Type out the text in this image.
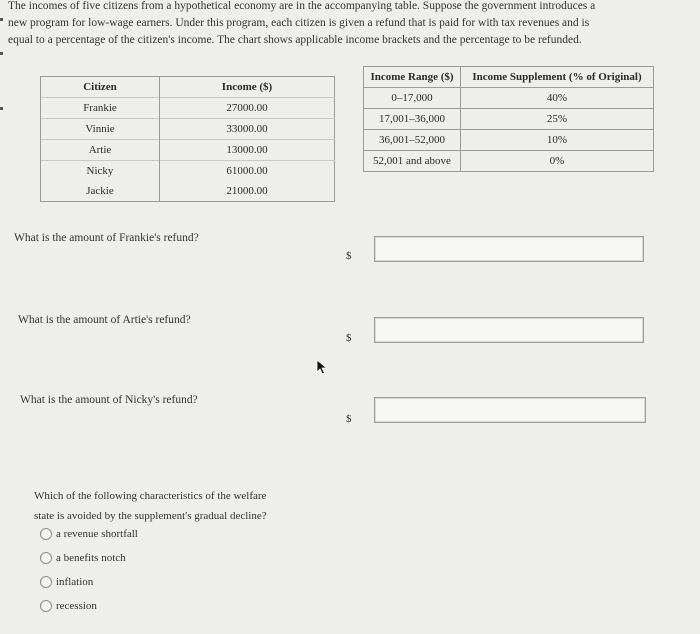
The incomes of five citizens from a hypothetical economy are in the accompanying table. Suppose the government introduces a

new program for low-wage earners. Under this program, each citizen is given a refund that is paid for with tax revenues and is

equal to a percentage of the citizen's income. The chart shows applicable income brackets and the percentage to be refunded.

Citizen	Income ($)
Frankie	27000.00
Vinnie	33000.00
Artie	13000.00
Nicky	61000.00
Jackie	21000.00
Income Range ($)	Income Supplement (% of Original)
0–17,000	40%
17,001–36,000	25%
36,001–52,000	10%
52,001 and above	0%
What is the amount of Frankie's refund?
$
What is the amount of Artie's refund?
$
What is the amount of Nicky's refund?
$
Which of the following characteristics of the welfare
state is avoided by the supplement's gradual decline?
a revenue shortfall
a benefits notch
inflation
recession
